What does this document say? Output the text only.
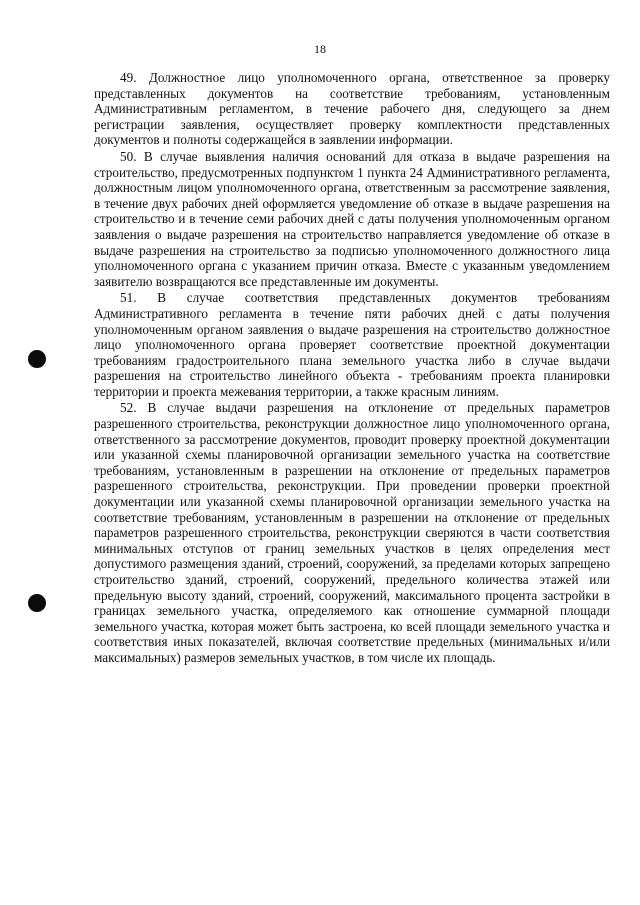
18

49. Должностное лицо уполномоченного органа, ответственное за проверку представленных документов на соответствие требованиям, установленным Административным регламентом, в течение рабочего дня, следующего за днем регистрации заявления, осуществляет проверку комплектности представленных документов и полноты содержащейся в заявлении информации.

50. В случае выявления наличия оснований для отказа в выдаче разрешения на строительство, предусмотренных подпунктом 1 пункта 24 Административного регламента, должностным лицом уполномоченного органа, ответственным за рассмотрение заявления, в течение двух рабочих дней оформляется уведомление об отказе в выдаче разрешения на строительство и в течение семи рабочих дней с даты получения уполномоченным органом заявления о выдаче разрешения на строительство направляется уведомление об отказе в выдаче разрешения на строительство за подписью уполномоченного должностного лица уполномоченного органа с указанием причин отказа. Вместе с указанным уведомлением заявителю возвращаются все представленные им документы.

51. В случае соответствия представленных документов требованиям Административного регламента в течение пяти рабочих дней с даты получения уполномоченным органом заявления о выдаче разрешения на строительство должностное лицо уполномоченного органа проверяет соответствие проектной документации требованиям градостроительного плана земельного участка либо в случае выдачи разрешения на строительство линейного объекта - требованиям проекта планировки территории и проекта межевания территории, а также красным линиям.

52. В случае выдачи разрешения на отклонение от предельных параметров разрешенного строительства, реконструкции должностное лицо уполномоченного органа, ответственного за рассмотрение документов, проводит проверку проектной документации или указанной схемы планировочной организации земельного участка на соответствие требованиям, установленным в разрешении на отклонение от предельных параметров разрешенного строительства, реконструкции. При проведении проверки проектной документации или указанной схемы планировочной организации земельного участка на соответствие требованиям, установленным в разрешении на отклонение от предельных параметров разрешенного строительства, реконструкции сверяются в части соответствия минимальных отступов от границ земельных участков в целях определения мест допустимого размещения зданий, строений, сооружений, за пределами которых запрещено строительство зданий, строений, сооружений, предельного количества этажей или предельную высоту зданий, строений, сооружений, максимального процента застройки в границах земельного участка, определяемого как отношение суммарной площади земельного участка, которая может быть застроена, ко всей площади земельного участка и соответствия иных показателей, включая соответствие предельных (минимальных и/или максимальных) размеров земельных участков, в том числе их площадь.
